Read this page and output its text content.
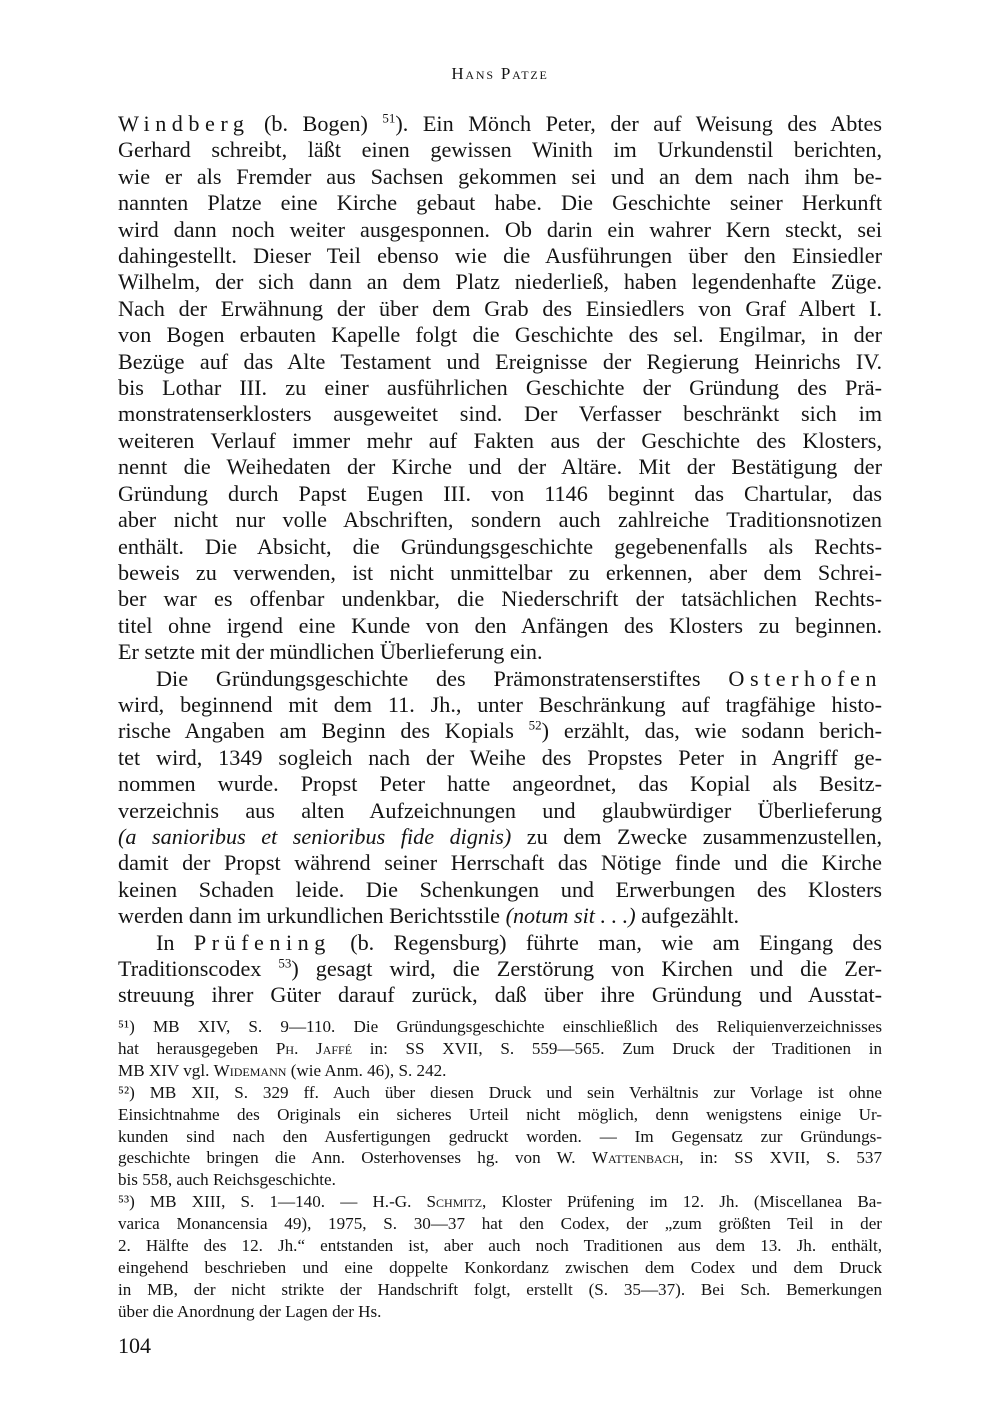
Hans Patze
Windberg (b. Bogen) $^{51}$). Ein Mönch Peter, der auf Weisung des Abtes
Gerhard schreibt, läßt einen gewissen Winith im Urkundenstil berichten,
wie er als Fremder aus Sachsen gekommen sei und an dem nach ihm be-
nannten Platze eine Kirche gebaut habe. Die Geschichte seiner Herkunft
wird dann noch weiter ausgesponnen. Ob darin ein wahrer Kern steckt, sei
dahingestellt. Dieser Teil ebenso wie die Ausführungen über den Einsiedler
Wilhelm, der sich dann an dem Platz niederließ, haben legendenhafte Züge.
Nach der Erwähnung der über dem Grab des Einsiedlers von Graf Albert I.
von Bogen erbauten Kapelle folgt die Geschichte des sel. Engilmar, in der
Bezüge auf das Alte Testament und Ereignisse der Regierung Heinrichs IV.
bis Lothar III. zu einer ausführlichen Geschichte der Gründung des Prä-
monstratenserklosters ausgeweitet sind. Der Verfasser beschränkt sich im
weiteren Verlauf immer mehr auf Fakten aus der Geschichte des Klosters,
nennt die Weihedaten der Kirche und der Altäre. Mit der Bestätigung der
Gründung durch Papst Eugen III. von 1146 beginnt das Chartular, das
aber nicht nur volle Abschriften, sondern auch zahlreiche Traditionsnotizen
enthält. Die Absicht, die Gründungsgeschichte gegebenenfalls als Rechts-
beweis zu verwenden, ist nicht unmittelbar zu erkennen, aber dem Schrei-
ber war es offenbar undenkbar, die Niederschrift der tatsächlichen Rechts-
titel ohne irgend eine Kunde von den Anfängen des Klosters zu beginnen.
Er setzte mit der mündlichen Überlieferung ein.
Die Gründungsgeschichte des Prämonstratenserstiftes Osterhofen
wird, beginnend mit dem 11. Jh., unter Beschränkung auf tragfähige histo-
rische Angaben am Beginn des Kopials $^{52}$) erzählt, das, wie sodann berich-
tet wird, 1349 sogleich nach der Weihe des Propstes Peter in Angriff ge-
nommen wurde. Propst Peter hatte angeordnet, das Kopial als Besitz-
verzeichnis aus alten Aufzeichnungen und glaubwürdiger Überlieferung
(a sanioribus et senioribus fide dignis) zu dem Zwecke zusammenzustellen,
damit der Propst während seiner Herrschaft das Nötige finde und die Kirche
keinen Schaden leide. Die Schenkungen und Erwerbungen des Klosters
werden dann im urkundlichen Berichtsstile (notum sit . . .) aufgezählt.
In Prüfening (b. Regensburg) führte man, wie am Eingang des
Traditionscodex $^{53}$) gesagt wird, die Zerstörung von Kirchen und die Zer-
streuung ihrer Güter darauf zurück, daß über ihre Gründung und Ausstat-
⁵¹) MB XIV, S. 9—110. Die Gründungsgeschichte einschließlich des Reliquienverzeichnisses
hat herausgegeben Ph. Jaffé in: SS XVII, S. 559—565. Zum Druck der Traditionen in
MB XIV vgl. Widemann (wie Anm. 46), S. 242.
⁵²) MB XII, S. 329 ff. Auch über diesen Druck und sein Verhältnis zur Vorlage ist ohne
Einsichtnahme des Originals ein sicheres Urteil nicht möglich, denn wenigstens einige Ur-
kunden sind nach den Ausfertigungen gedruckt worden. — Im Gegensatz zur Gründungs-
geschichte bringen die Ann. Osterhovenses hg. von W. Wattenbach, in: SS XVII, S. 537
bis 558, auch Reichsgeschichte.
⁵³) MB XIII, S. 1—140. — H.-G. Schmitz, Kloster Prüfening im 12. Jh. (Miscellanea Ba-
varica Monancensia 49), 1975, S. 30—37 hat den Codex, der „zum größten Teil in der
2. Hälfte des 12. Jh.“ entstanden ist, aber auch noch Traditionen aus dem 13. Jh. enthält,
eingehend beschrieben und eine doppelte Konkordanz zwischen dem Codex und dem Druck
in MB, der nicht strikte der Handschrift folgt, erstellt (S. 35—37). Bei Sch. Bemerkungen
über die Anordnung der Lagen der Hs.
104
